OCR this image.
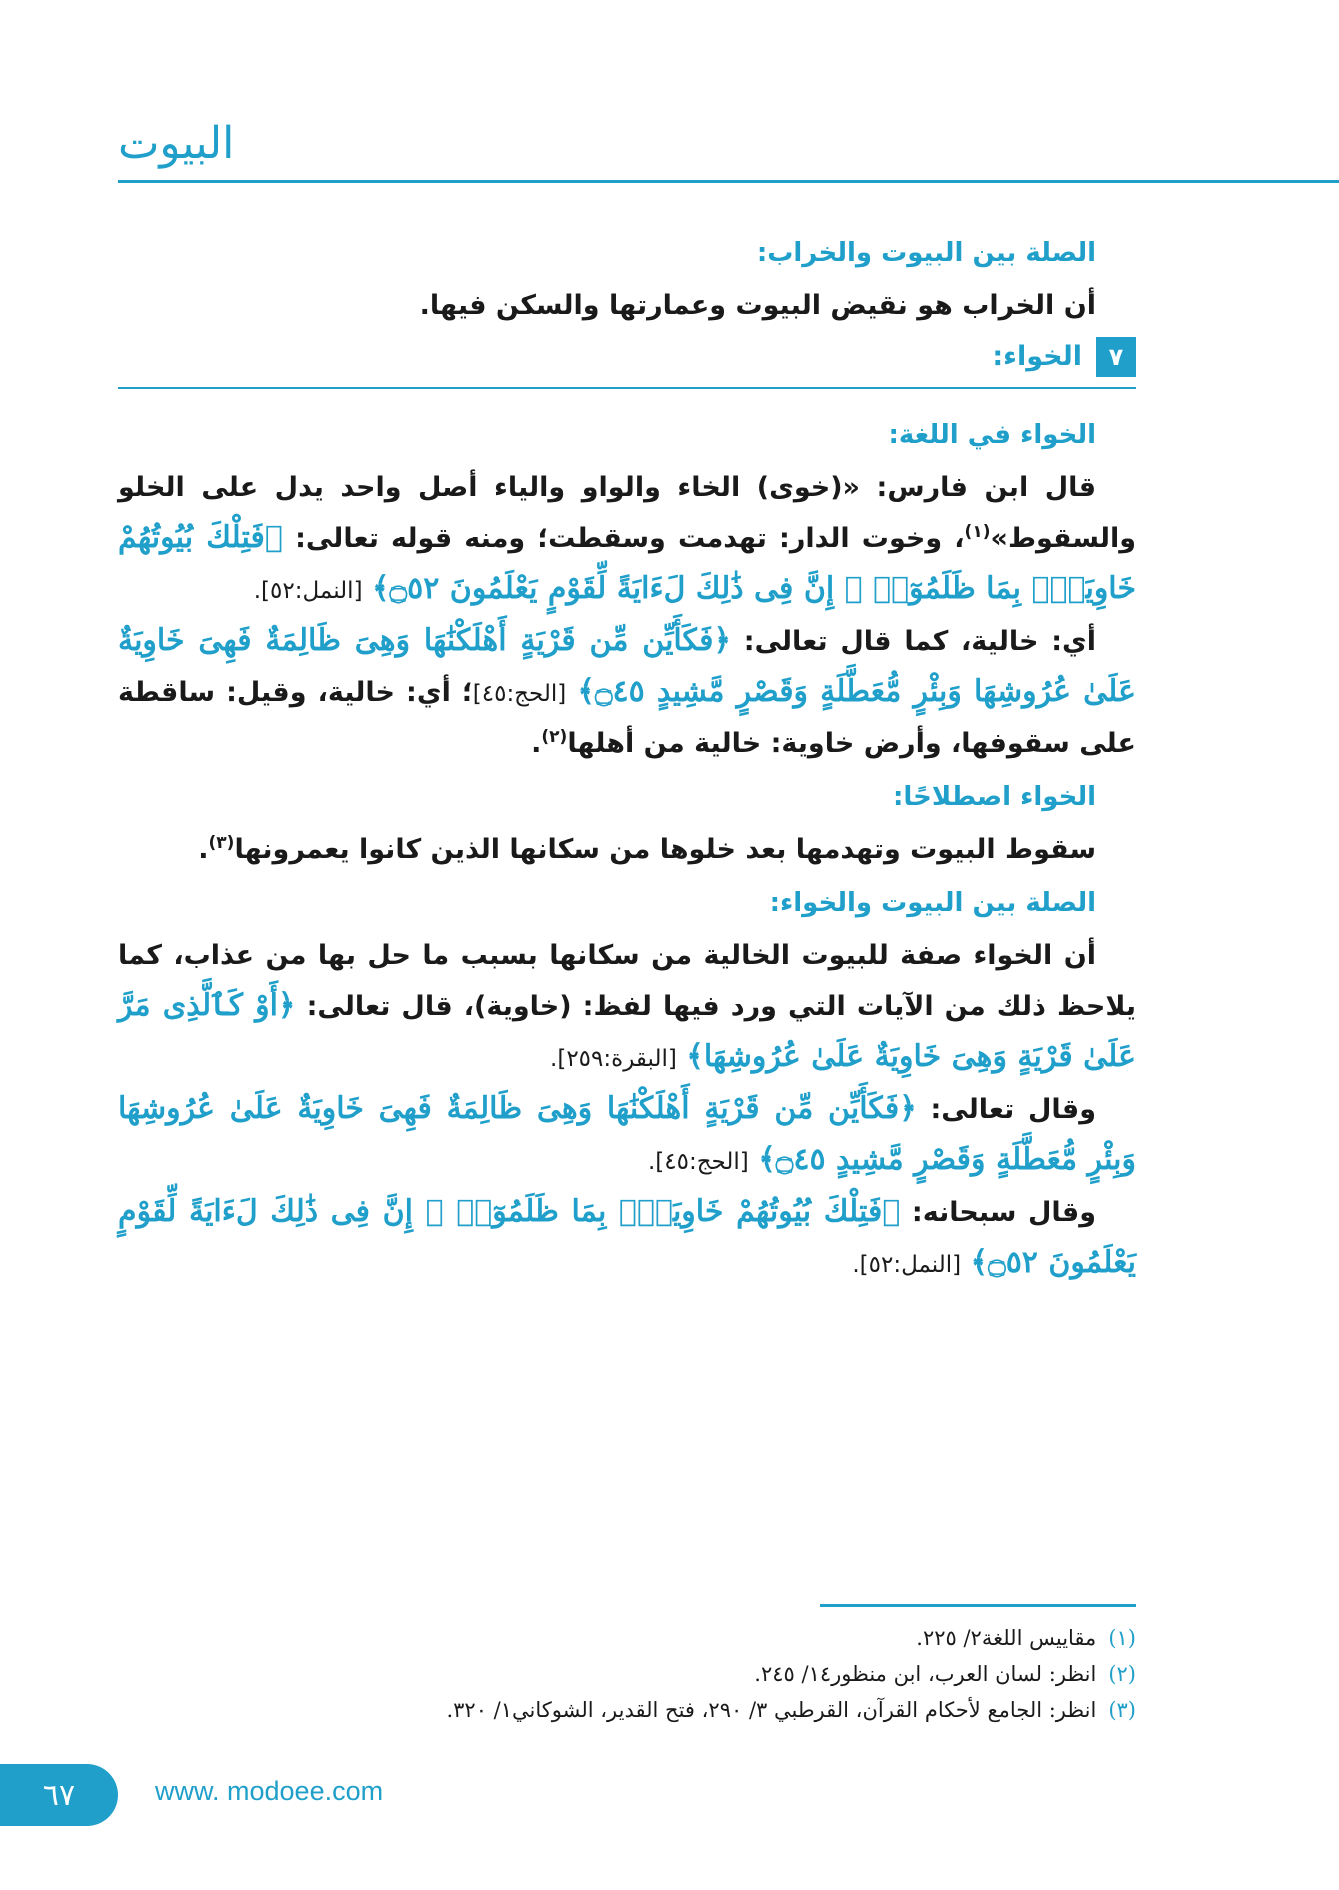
البيوت

الصلة بين البيوت والخراب:

أن الخراب هو نقيض البيوت وعمارتها والسكن فيها.

٧
الخواء:

الخواء في اللغة:

قال ابن فارس: «(خوى) الخاء والواو والياء أصل واحد يدل على الخلو والسقوط»$^{(١)}$، وخوت الدار: تهدمت وسقطت؛ ومنه قوله تعالى: ﴿فَتِلْكَ بُيُوتُهُمْ خَاوِيَةًۢ بِمَا ظَلَمُوٓا۟ ۗ إِنَّ فِى ذَٰلِكَ لَءَايَةً لِّقَوْمٍ يَعْلَمُونَ ۝٥٢﴾ [النمل:٥٢].

أي: خالية، كما قال تعالى: ﴿فَكَأَيِّن مِّن قَرْيَةٍ أَهْلَكْنَٰهَا وَهِىَ ظَالِمَةٌ فَهِىَ خَاوِيَةٌ عَلَىٰ عُرُوشِهَا وَبِئْرٍ مُّعَطَّلَةٍ وَقَصْرٍ مَّشِيدٍ ۝٤٥﴾ [الحج:٤٥]؛ أي: خالية، وقيل: ساقطة على سقوفها، وأرض خاوية: خالية من أهلها$^{(٢)}$.

الخواء اصطلاحًا:

سقوط البيوت وتهدمها بعد خلوها من سكانها الذين كانوا يعمرونها$^{(٣)}$.

الصلة بين البيوت والخواء:

أن الخواء صفة للبيوت الخالية من سكانها بسبب ما حل بها من عذاب، كما يلاحظ ذلك من الآيات التي ورد فيها لفظ: (خاوية)، قال تعالى: ﴿أَوْ كَٱلَّذِى مَرَّ عَلَىٰ قَرْيَةٍ وَهِىَ خَاوِيَةٌ عَلَىٰ عُرُوشِهَا﴾ [البقرة:٢٥٩].

وقال تعالى: ﴿فَكَأَيِّن مِّن قَرْيَةٍ أَهْلَكْنَٰهَا وَهِىَ ظَالِمَةٌ فَهِىَ خَاوِيَةٌ عَلَىٰ عُرُوشِهَا وَبِئْرٍ مُّعَطَّلَةٍ وَقَصْرٍ مَّشِيدٍ ۝٤٥﴾ [الحج:٤٥].

وقال سبحانه: ﴿فَتِلْكَ بُيُوتُهُمْ خَاوِيَةًۢ بِمَا ظَلَمُوٓا۟ ۗ إِنَّ فِى ذَٰلِكَ لَءَايَةً لِّقَوْمٍ يَعْلَمُونَ ۝٥٢﴾ [النمل:٥٢].

(١)
مقاييس اللغة٢/ ٢٢٥.
(٢)
انظر: لسان العرب، ابن منظور١٤/ ٢٤٥.
(٣)
انظر: الجامع لأحكام القرآن، القرطبي ٣/ ٢٩٠، فتح القدير، الشوكاني١/ ٣٢٠.
٦٧	www. modoee.com
